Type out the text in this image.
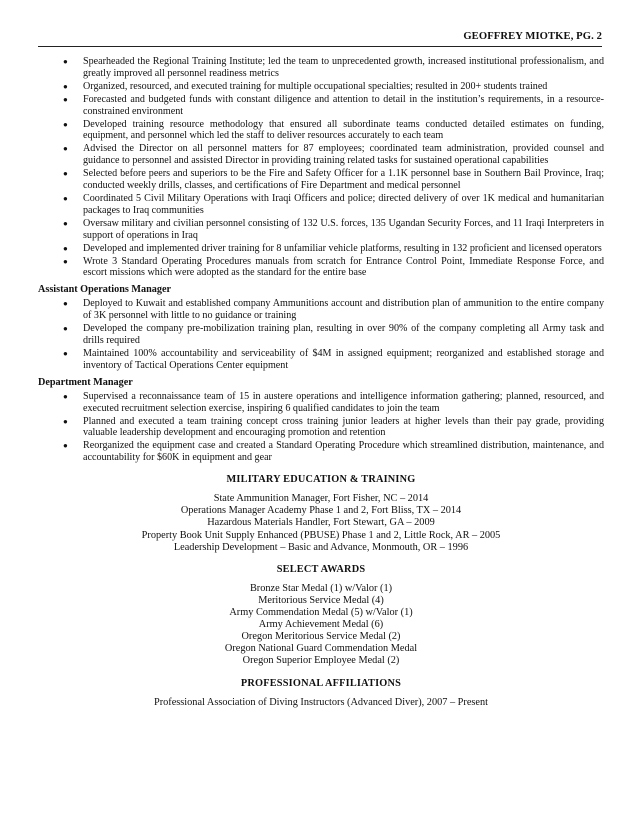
GEOFFREY MIOTKE, PG. 2
● Spearheaded the Regional Training Institute; led the team to unprecedented growth, increased institutional professionalism, and greatly improved all personnel readiness metrics
● Organized, resourced, and executed training for multiple occupational specialties; resulted in 200+ students trained
● Forecasted and budgeted funds with constant diligence and attention to detail in the institution’s requirements, in a resource-constrained environment
● Developed training resource methodology that ensured all subordinate teams conducted detailed estimates on funding, equipment, and personnel which led the staff to deliver resources accurately to each team
● Advised the Director on all personnel matters for 87 employees; coordinated team administration, provided counsel and guidance to personnel and assisted Director in providing training related tasks for sustained operational capabilities
● Selected before peers and superiors to be the Fire and Safety Officer for a 1.1K personnel base in Southern Bail Province, Iraq; conducted weekly drills, classes, and certifications of Fire Department and medical personnel
● Coordinated 5 Civil Military Operations with Iraqi Officers and police; directed delivery of over 1K medical and humanitarian packages to Iraq communities
● Oversaw military and civilian personnel consisting of 132 U.S. forces, 135 Ugandan Security Forces, and 11 Iraqi Interpreters in support of operations in Iraq
● Developed and implemented driver training for 8 unfamiliar vehicle platforms, resulting in 132 proficient and licensed operators
● Wrote 3 Standard Operating Procedures manuals from scratch for Entrance Control Point, Immediate Response Force, and escort missions which were adopted as the standard for the entire base
Assistant Operations Manager
● Deployed to Kuwait and established company Ammunitions account and distribution plan of ammunition to the entire company of 3K personnel with little to no guidance or training
● Developed the company pre-mobilization training plan, resulting in over 90% of the company completing all Army task and drills required
● Maintained 100% accountability and serviceability of $4M in assigned equipment; reorganized and established storage and inventory of Tactical Operations Center equipment
Department Manager
● Supervised a reconnaissance team of 15 in austere operations and intelligence information gathering; planned, resourced, and executed recruitment selection exercise, inspiring 6 qualified candidates to join the team
● Planned and executed a team training concept cross training junior leaders at higher levels than their pay grade, providing valuable leadership development and encouraging promotion and retention
● Reorganized the equipment case and created a Standard Operating Procedure which streamlined distribution, maintenance, and accountability for $60K in equipment and gear
MILITARY EDUCATION & TRAINING
State Ammunition Manager, Fort Fisher, NC – 2014
Operations Manager Academy Phase 1 and 2, Fort Bliss, TX – 2014
Hazardous Materials Handler, Fort Stewart, GA – 2009
Property Book Unit Supply Enhanced (PBUSE) Phase 1 and 2, Little Rock, AR – 2005
Leadership Development – Basic and Advance, Monmouth, OR – 1996
SELECT AWARDS
Bronze Star Medal (1) w/Valor (1)
Meritorious Service Medal (4)
Army Commendation Medal (5) w/Valor (1)
Army Achievement Medal (6)
Oregon Meritorious Service Medal (2)
Oregon National Guard Commendation Medal
Oregon Superior Employee Medal (2)
PROFESSIONAL AFFILIATIONS
Professional Association of Diving Instructors (Advanced Diver), 2007 – Present
